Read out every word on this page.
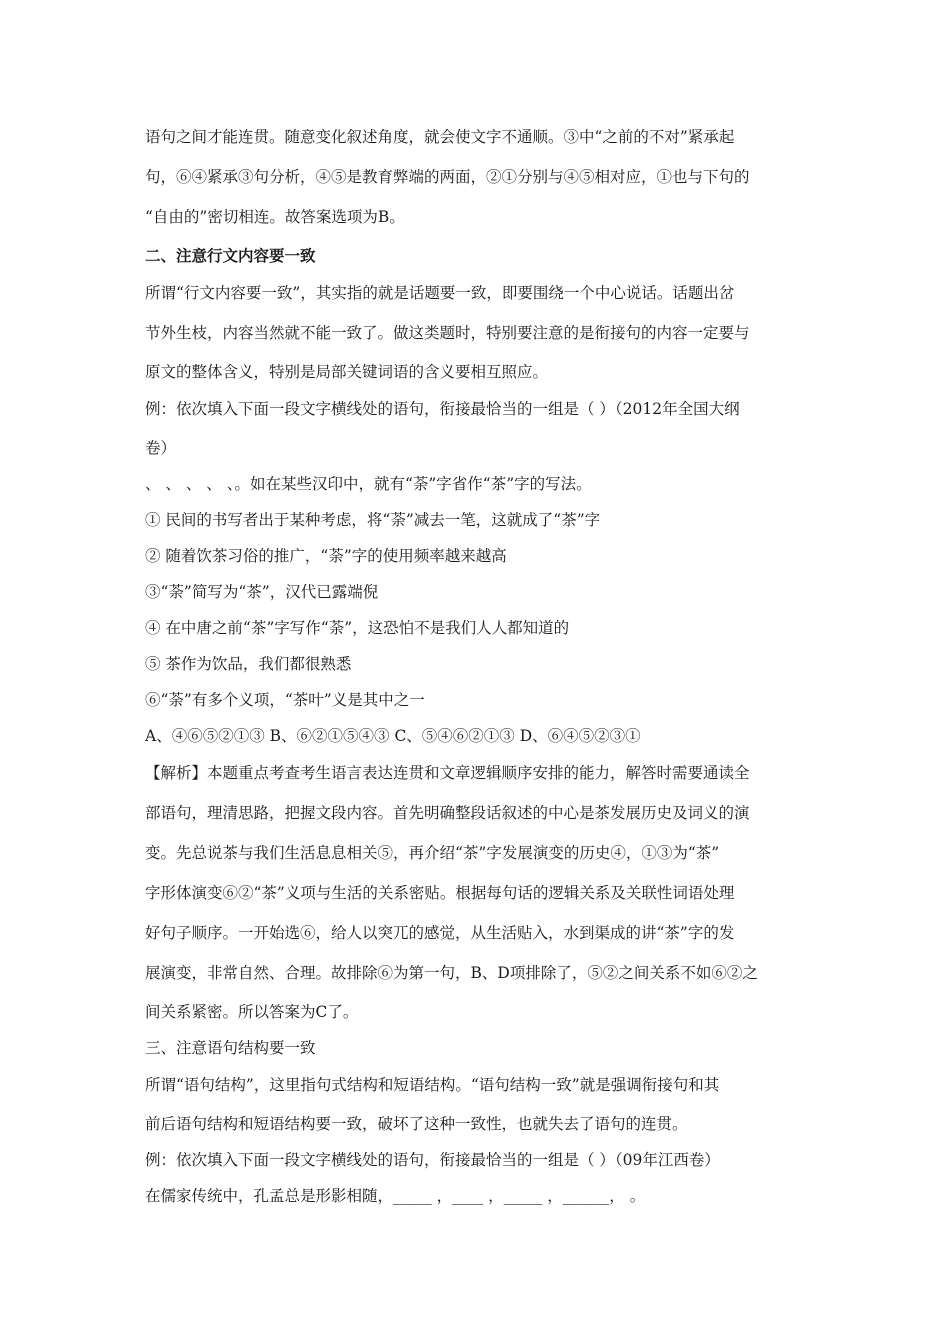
语句之间才能连贯。随意变化叙述角度，就会使文字不通顺。③中“之前的不对”紧承起

句，⑥④紧承③句分析，④⑤是教育弊端的两面，②①分别与④⑤相对应，①也与下句的

“自由的”密切相连。故答案选项为B。

二、注意行文内容要一致

所谓“行文内容要一致”，其实指的就是话题要一致，即要围绕一个中心说话。话题出岔

节外生枝，内容当然就不能一致了。做这类题时，特别要注意的是衔接句的内容一定要与

原文的整体含义，特别是局部关键词语的含义要相互照应。

例：依次填入下面一段文字横线处的语句，衔接最恰当的一组是（ ）（2012年全国大纲

卷）

、 、 、 、 、。如在某些汉印中，就有“荼”字省作“茶”字的写法。

① 民间的书写者出于某种考虑，将“荼”减去一笔，这就成了“茶”字

② 随着饮茶习俗的推广，“荼”字的使用频率越来越高

③“荼”简写为“茶”，汉代已露端倪

④ 在中唐之前“茶”字写作“荼”，这恐怕不是我们人人都知道的

⑤ 茶作为饮品，我们都很熟悉

⑥“荼”有多个义项，“茶叶”义是其中之一

A、④⑥⑤②①③ B、⑥②①⑤④③ C、⑤④⑥②①③ D、⑥④⑤②③①

【解析】本题重点考查考生语言表达连贯和文章逻辑顺序安排的能力，解答时需要通读全

部语句，理清思路，把握文段内容。首先明确整段话叙述的中心是茶发展历史及词义的演

变。先总说茶与我们生活息息相关⑤，再介绍“茶”字发展演变的历史④，①③为“茶”

字形体演变⑥②“茶”义项与生活的关系密贴。根据每句话的逻辑关系及关联性词语处理

好句子顺序。一开始选⑥，给人以突兀的感觉，从生活贴入，水到渠成的讲“茶”字的发

展演变，非常自然、合理。故排除⑥为第一句，B、D项排除了，⑤②之间关系不如⑥②之

间关系紧密。所以答案为C了。

三、注意语句结构要一致

所谓“语句结构”，这里指句式结构和短语结构。“语句结构一致”就是强调衔接句和其

前后语句结构和短语结构要一致，破坏了这种一致性，也就失去了语句的连贯。

例：依次填入下面一段文字横线处的语句，衔接最恰当的一组是（ ）（09年江西卷）

在儒家传统中，孔孟总是形影相随，_____ ，____ ，_____ ，______， 。
